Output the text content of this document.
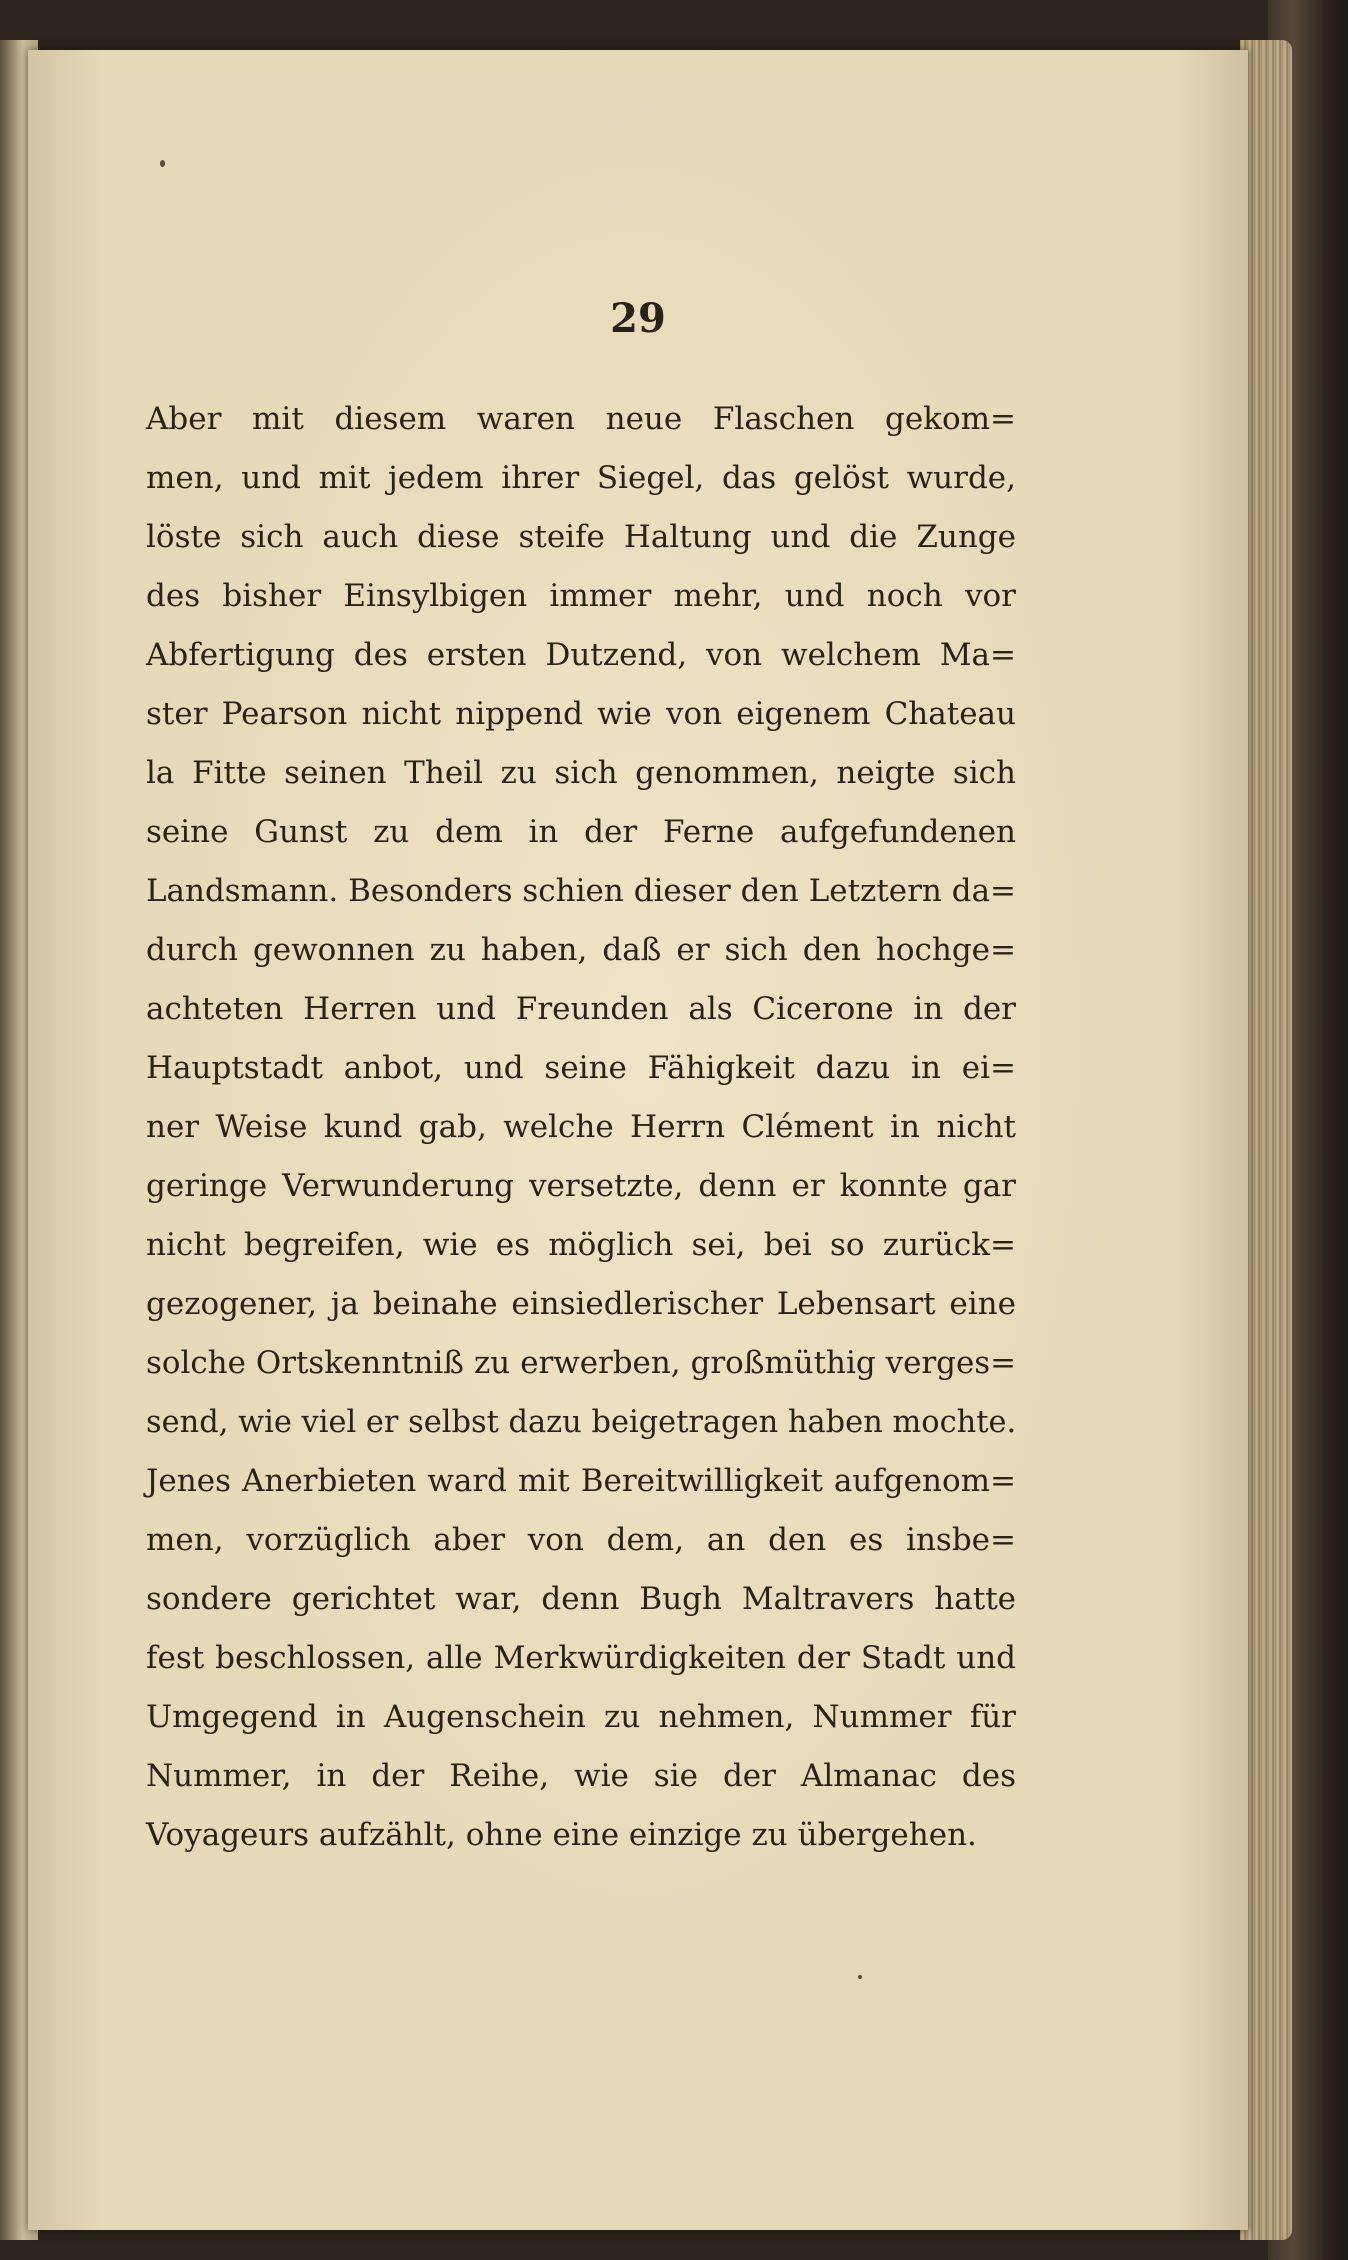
29
Aber mit diesem waren neue Flaschen gekom=
men, und mit jedem ihrer Siegel, das gelöst wurde,
löste sich auch diese steife Haltung und die Zunge
des bisher Einsylbigen immer mehr, und noch vor
Abfertigung des ersten Dutzend, von welchem Ma=
ster Pearson nicht nippend wie von eigenem Chateau
la Fitte seinen Theil zu sich genommen, neigte sich
seine Gunst zu dem in der Ferne aufgefundenen
Landsmann. Besonders schien dieser den Letztern da=
durch gewonnen zu haben, daß er sich den hochge=
achteten Herren und Freunden als Cicerone in der
Hauptstadt anbot, und seine Fähigkeit dazu in ei=
ner Weise kund gab, welche Herrn Clément in nicht
geringe Verwunderung versetzte, denn er konnte gar
nicht begreifen, wie es möglich sei, bei so zurück=
gezogener, ja beinahe einsiedlerischer Lebensart eine
solche Ortskenntniß zu erwerben, großmüthig verges=
send, wie viel er selbst dazu beigetragen haben mochte.
Jenes Anerbieten ward mit Bereitwilligkeit aufgenom=
men, vorzüglich aber von dem, an den es insbe=
sondere gerichtet war, denn Bugh Maltravers hatte
fest beschlossen, alle Merkwürdigkeiten der Stadt und
Umgegend in Augenschein zu nehmen, Nummer für
Nummer, in der Reihe, wie sie der Almanac des
Voyageurs aufzählt, ohne eine einzige zu übergehen.
